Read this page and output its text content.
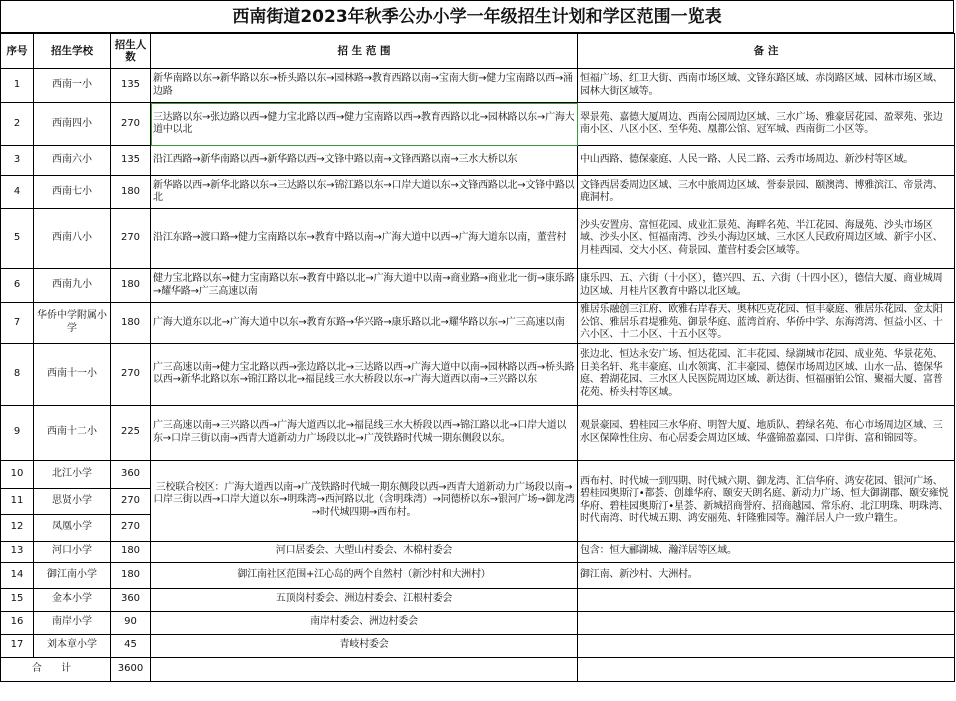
西南街道2023年秋季公办小学一年级招生计划和学区范围一览表
序号	招生学校	招生人数	招 生 范 围	备 注
1	西南一小	135	新华南路以东→新华路以东→桥头路以东→园林路→教育西路以南→宝南大街→健力宝南路以西→涌边路	恒福广场、红卫大街、西南市场区域、文锋东路区域、赤岗路区域、园林市场区域、园林大街区域等。
2	西南四小	270	三达路以东→张边路以西→健力宝北路以西→健力宝南路以西→教育西路以北→园林路以东→广海大道中以北	翠景苑、嘉德大厦周边、西南公园周边区域、三水广场、雅豪居花园、盈翠苑、张边南小区、八区小区、至华苑、凰都公馆、冠军城、西南街二小区等。
3	西南六小	135	沿江西路→新华南路以西→新华路以西→文锋中路以南→文锋西路以南→三水大桥以东	中山西路、德保豪庭、人民一路、人民二路、云秀市场周边、新沙村等区域。
4	西南七小	180	新华路以西→新华北路以东→三达路以东→锦江路以东→口岸大道以东→文锋西路以北→文锋中路以北	文锋西居委周边区域、三水中旅周边区域、誉泰景园、颐澳湾、博雅滨江、帝景湾、鹿洞村。
5	西南八小	270	沿江东路→渡口路→健力宝南路以东→教育中路以南→广海大道中以西→广海大道东以南，董营村	沙头安置房、富恒花园、成业汇景苑、海畔名苑、半江花园、海晟苑、沙头市场区域、沙头小区、恒福南湾、沙头小海边区域、三水区人民政府周边区域、新宇小区、月桂西园、交大小区、荷景园、董营村委会区域等。
6	西南九小	180	健力宝北路以东→健力宝南路以东→教育中路以北→广海大道中以南→商业路→商业北一街→康乐路→耀华路→广三高速以南	康乐四、五、六街（十小区），德兴四、五、六街（十四小区），德信大厦、商业城周边区域、月桂片区教育中路以北区域。
7	华侨中学附属小学	180	广海大道东以北→广海大道中以东→教育东路→华兴路→康乐路以北→耀华路以东→广三高速以南	雅居乐融创三江府、欧雅右岸春天、奥林匹克花园、恒丰豪庭、雅居乐花园、金太阳公馆、雅居乐君堤雅苑、御景华庭、蓝湾首府、华侨中学、东海湾湾、恒益小区、十六小区、十二小区、十五小区等。
8	西南十一小	270	广三高速以南→健力宝北路以西→张边路以北→三达路以西→广海大道中以南→园林路以西→桥头路以西→新华北路以东→锦江路以北→福昆线三水大桥段以东→广海大道西以南→三兴路以东	张边北、恒达永安广场、恒达花园、汇丰花园、绿湖城市花园、成业苑、华景花苑、日美名轩、兆丰豪庭、山水领寓、汇丰豪园、德保市场周边区域、山水一品、德保华庭、碧湖花园、三水区人民医院周边区域、新达街、恒福丽铂公馆、聚福大厦、富普花苑、桥头村等区域。
9	西南十二小	225	广三高速以南→三兴路以西→广海大道西以北→福昆线三水大桥段以西→锦江路以北→口岸大道以东→口岸三街以南→西青大道新动力广场段以北→广茂铁路时代城一期东侧段以东。	观景豪园、碧桂园三水华府、明智大厦、地质队、碧绿名苑、布心市场周边区域、三水区保障性住房、布心居委会周边区域、华盛锦盈嘉园、口岸街、富和锦园等。
10	北江小学	360	三校联合校区：广海大道西以南→广茂铁路时代城一期东侧段以西→西青大道新动力广场段以南→口岸三街以西→口岸大道以东→明珠湾→西河路以北（含明珠湾）→同德桥以东→银河广场→御龙湾→时代城四期→西布村。	西布村、时代城一到四期、时代城六期、御龙湾、汇信华府、鸿安花园、银河广场、碧桂园奥斯汀•都荟、创雄华府、颐安天朗名庭、新动力广场、恒大御湖郡、颐安雍悦华府、碧桂园奥斯汀•星荟、新城招商誉府、招商越园、常乐府、北江明珠、明珠湾、时代南湾、时代城五期、鸿安丽苑、轩隆雅园等。瀚洋居人户一致户籍生。
11	思贤小学	270		
12	凤凰小学	270		
13	河口小学	180	河口居委会、大塱山村委会、木棉村委会	包含：恒大郦湖城、瀚洋居等区域。
14	御江南小学	180	御江南社区范围+江心岛的两个自然村（新沙村和大洲村）	御江南、新沙村、大洲村。
15	金本小学	360	五顶岗村委会、洲边村委会、江根村委会	
16	南岸小学	90	南岸村委会、洲边村委会	
17	刘本章小学	45	青岐村委会	
合 计		3600		
